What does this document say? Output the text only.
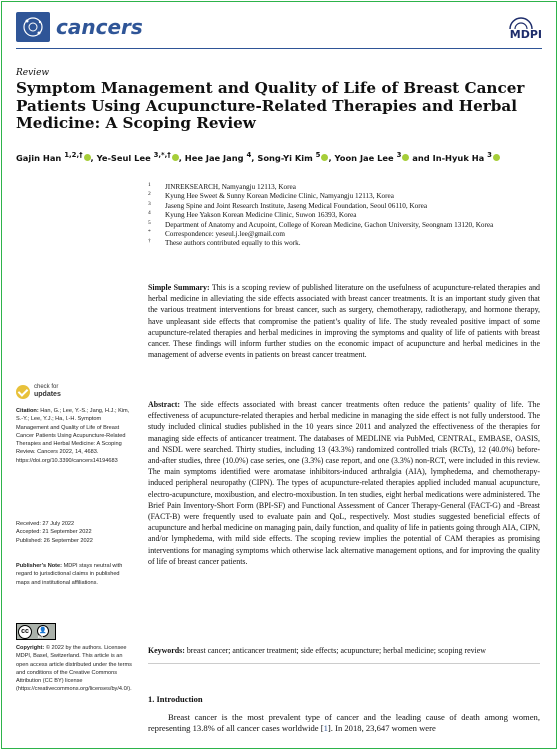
cancers	MDPI
Review
Symptom Management and Quality of Life of Breast Cancer Patients Using Acupuncture-Related Therapies and Herbal Medicine: A Scoping Review
Gajin Han $^{1,2,\dagger}$ , Ye-Seul Lee $^{3,*,\dagger}$ , Hee Jae Jang $^4$, Song-Yi Kim $^5$ , Yoon Jae Lee $^3$ and In-Hyuk Ha $^3$
1 JINREKSEARCH, Namyangju 12113, Korea
2 Kyung Hee Sweet & Sunny Korean Medicine Clinic, Namyangju 12113, Korea
3 Jaseng Spine and Joint Research Institute, Jaseng Medical Foundation, Seoul 06110, Korea
4 Kyung Hee Yakson Korean Medicine Clinic, Suwon 16393, Korea
5 Department of Anatomy and Acupoint, College of Korean Medicine, Gachon University, Seongnam 13120, Korea
* Correspondence: yeseul.j.lee@gmail.com
† These authors contributed equally to this work.
Simple Summary: This is a scoping review of published literature on the usefulness of acupuncture-related therapies and herbal medicine in alleviating the side effects associated with breast cancer treatments. It is an important study given that the various treatment interventions for breast cancer, such as surgery, chemotherapy, radiotherapy, and hormone therapy, have unpleasant side effects that compromise the patient’s quality of life. The study revealed positive impact of some acupuncture-related therapies and herbal medicines in improving the symptoms and quality of life of patients with breast cancer. These findings will inform further studies on the economic impact of acupuncture and herbal medicines in the management of adverse events in patients on breast cancer treatment.
Abstract: The side effects associated with breast cancer treatments often reduce the patients’ quality of life. The effectiveness of acupuncture-related therapies and herbal medicine in managing the side effect is not fully understood. The study included clinical studies published in the 10 years since 2011 and analyzed the effectiveness of the therapies for managing side effects of anticancer treatment. The databases of MEDLINE via PubMed, CENTRAL, EMBASE, OASIS, and NSDL were searched. Thirty studies, including 13 (43.3%) randomized controlled trials (RCTs), 12 (40.0%) before-and-after studies, three (10.0%) case series, one (3.3%) case report, and one (3.3%) non-RCT, were included in this review. The main symptoms identified were aromatase inhibitors-induced arthralgia (AIA), lymphedema, and chemotherapy-induced peripheral neuropathy (CIPN). The types of acupuncture-related therapies applied included manual acupuncture, electro-acupuncture, moxibustion, and electro-moxibustion. In ten studies, eight herbal medications were administered. The Brief Pain Inventory-Short Form (BPI-SF) and Functional Assessment of Cancer Therapy-General (FACT-G) and -Breast (FACT-B) were frequently used to evaluate pain and QoL, respectively. Most studies suggested beneficial effects of acupuncture and herbal medicine on managing pain, daily function, and quality of life in patients going through AIA, CIPN, and/or lymphedema, with mild side effects. The scoping review implies the potential of CAM therapies as promising interventions for managing symptoms which otherwise lack alternative management options, and for improving the quality of life of breast cancer patients.
Keywords: breast cancer; anticancer treatment; side effects; acupuncture; herbal medicine; scoping review
1. Introduction
Breast cancer is the most prevalent type of cancer and the leading cause of death among women, representing 13.8% of all cancer cases worldwide [1]. In 2018, 23,647 women were
check for
updates
Citation: Han, G.; Lee, Y.-S.; Jang, H.J.; Kim, S.-Y.; Lee, Y.J.; Ha, I.-H. Symptom Management and Quality of Life of Breast Cancer Patients Using Acupuncture-Related Therapies and Herbal Medicine: A Scoping Review. Cancers 2022, 14, 4683. https://doi.org/10.3390/cancers14194683
Received: 27 July 2022
Accepted: 21 September 2022
Published: 26 September 2022
Publisher’s Note: MDPI stays neutral with regard to jurisdictional claims in published maps and institutional affiliations.
cc	👤
BY
Copyright: © 2022 by the authors. Licensee MDPI, Basel, Switzerland. This article is an open access article distributed under the terms and conditions of the Creative Commons Attribution (CC BY) license (https://creativecommons.org/licenses/by/4.0/).
